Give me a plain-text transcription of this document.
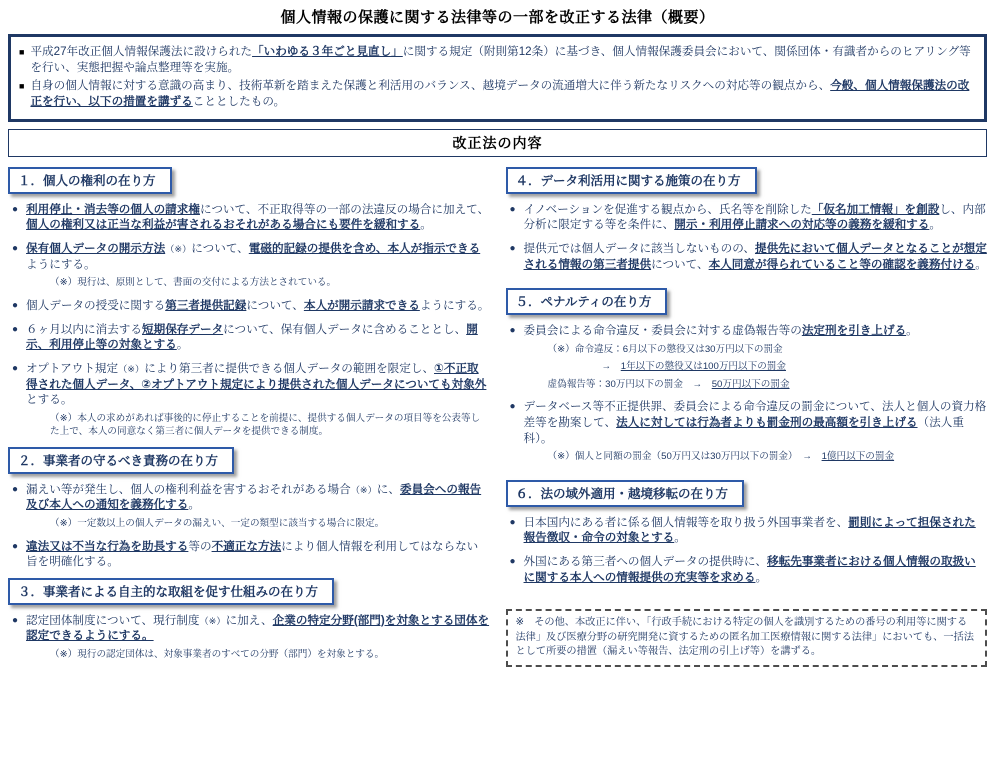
個人情報の保護に関する法律等の一部を改正する法律（概要）
■ 平成27年改正個人情報保護法に設けられた「いわゆる３年ごと見直し」に関する規定（附則第12条）に基づき、個人情報保護委員会において、関係団体・有識者からのヒアリング等を行い、実態把握や論点整理等を実施。
■ 自身の個人情報に対する意識の高まり、技術革新を踏まえた保護と利活用のバランス、越境データの流通増大に伴う新たなリスクへの対応等の観点から、今般、個人情報保護法の改正を行い、以下の措置を講ずることとしたもの。
改正法の内容
１．個人の権利の在り方
● 利用停止・消去等の個人の請求権について、不正取得等の一部の法違反の場合に加えて、個人の権利又は正当な利益が害されるおそれがある場合にも要件を緩和する。
● 保有個人データの開示方法（※）について、電磁的記録の提供を含め、本人が指示できるようにする。
（※）現行は、原則として、書面の交付による方法とされている。
● 個人データの授受に関する第三者提供記録について、本人が開示請求できるようにする。
● ６ヶ月以内に消去する短期保存データについて、保有個人データに含めることとし、開示、利用停止等の対象とする。
● オプトアウト規定（※）により第三者に提供できる個人データの範囲を限定し、①不正取得された個人データ、②オプトアウト規定により提供された個人データについても対象外とする。
（※）本人の求めがあれば事後的に停止することを前提に、提供する個人データの項目等を公表等した上で、本人の同意なく第三者に個人データを提供できる制度。
２．事業者の守るべき責務の在り方
● 漏えい等が発生し、個人の権利利益を害するおそれがある場合（※）に、委員会への報告及び本人への通知を義務化する。
（※）一定数以上の個人データの漏えい、一定の類型に該当する場合に限定。
● 違法又は不当な行為を助長する等の不適正な方法により個人情報を利用してはならない旨を明確化する。
３．事業者による自主的な取組を促す仕組みの在り方
● 認定団体制度について、現行制度（※）に加え、企業の特定分野(部門)を対象とする団体を認定できるようにする。
（※）現行の認定団体は、対象事業者のすべての分野（部門）を対象とする。
４．データ利活用に関する施策の在り方
● イノベーションを促進する観点から、氏名等を削除した「仮名加工情報」を創設し、内部分析に限定する等を条件に、開示・利用停止請求への対応等の義務を緩和する。
● 提供元では個人データに該当しないものの、提供先において個人データとなることが想定される情報の第三者提供について、本人同意が得られていること等の確認を義務付ける。
５．ペナルティの在り方
● 委員会による命令違反・委員会に対する虚偽報告等の法定刑を引き上げる。
（※）命令違反：6月以下の懲役又は30万円以下の罰金
→　1年以下の懲役又は100万円以下の罰金
虚偽報告等：30万円以下の罰金　→　50万円以下の罰金
● データベース等不正提供罪、委員会による命令違反の罰金について、法人と個人の資力格差等を勘案して、法人に対しては行為者よりも罰金刑の最高額を引き上げる（法人重科）。
（※）個人と同額の罰金（50万円又は30万円以下の罰金）　→　1億円以下の罰金
６．法の域外適用・越境移転の在り方
● 日本国内にある者に係る個人情報等を取り扱う外国事業者を、罰則によって担保された報告徴収・命令の対象とする。
● 外国にある第三者への個人データの提供時に、移転先事業者における個人情報の取扱いに関する本人への情報提供の充実等を求める。
※　その他、本改正に伴い、「行政手続における特定の個人を識別するための番号の利用等に関する法律」及び医療分野の研究開発に資するための匿名加工医療情報に関する法律」においても、一括法として所要の措置（漏えい等報告、法定刑の引上げ等）を講ずる。
